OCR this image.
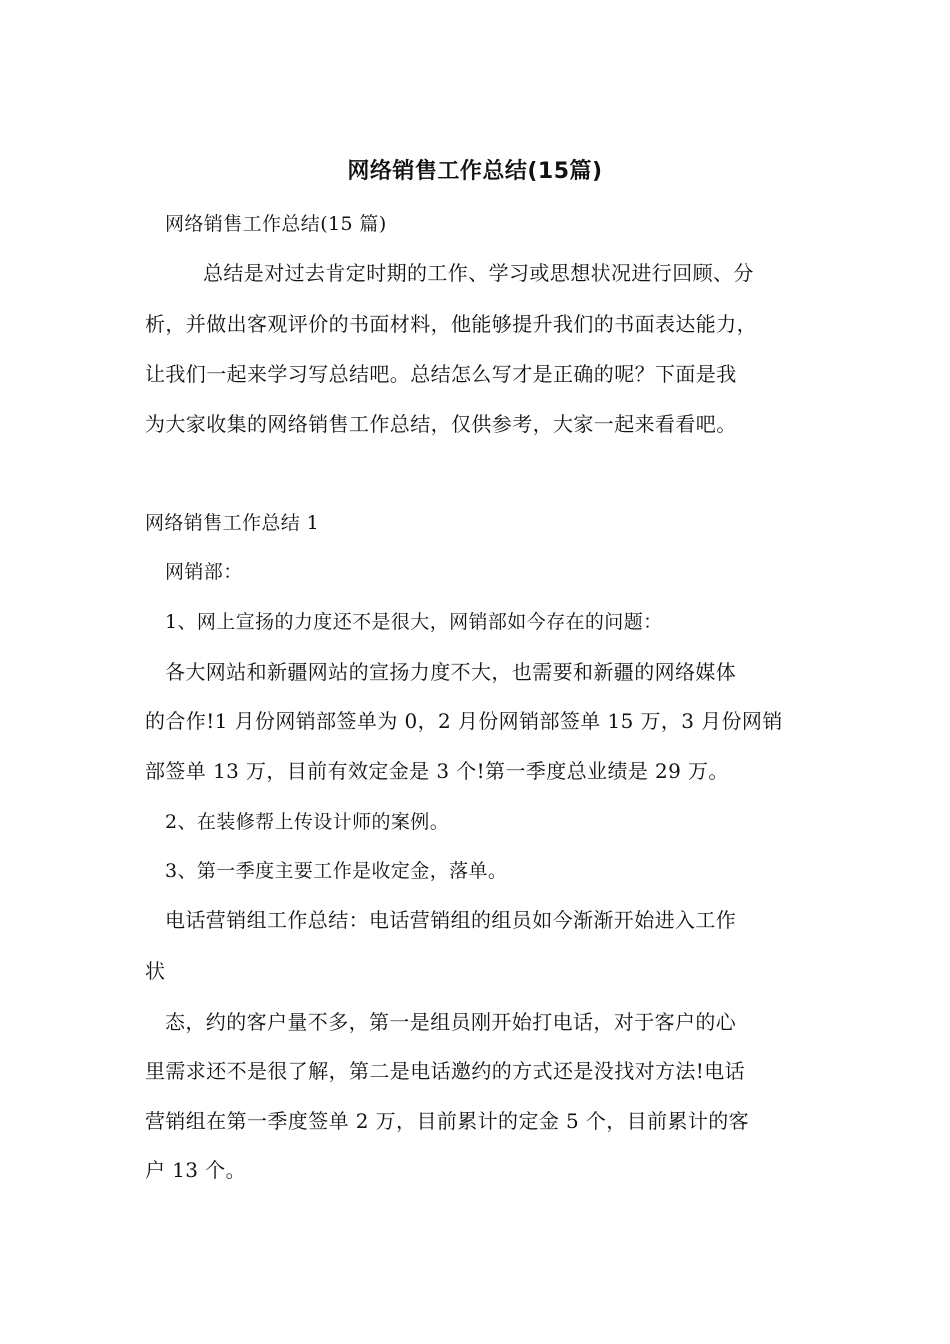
网络销售工作总结(15篇)
网络销售工作总结(15 篇)
总结是对过去肯定时期的工作、学习或思想状况进行回顾、分
析，并做出客观评价的书面材料，他能够提升我们的书面表达能力，
让我们一起来学习写总结吧。总结怎么写才是正确的呢？下面是我
为大家收集的网络销售工作总结，仅供参考，大家一起来看看吧。
网络销售工作总结 1
网销部：
1、网上宣扬的力度还不是很大，网销部如今存在的问题：
各大网站和新疆网站的宣扬力度不大，也需要和新疆的网络媒体
的合作!1 月份网销部签单为 0，2 月份网销部签单 15 万，3 月份网销
部签单 13 万，目前有效定金是 3 个!第一季度总业绩是 29 万。
2、在装修帮上传设计师的案例。
3、第一季度主要工作是收定金，落单。
电话营销组工作总结：电话营销组的组员如今渐渐开始进入工作
状
态，约的客户量不多，第一是组员刚开始打电话，对于客户的心
里需求还不是很了解，第二是电话邀约的方式还是没找对方法!电话
营销组在第一季度签单 2 万，目前累计的定金 5 个，目前累计的客
户 13 个。
